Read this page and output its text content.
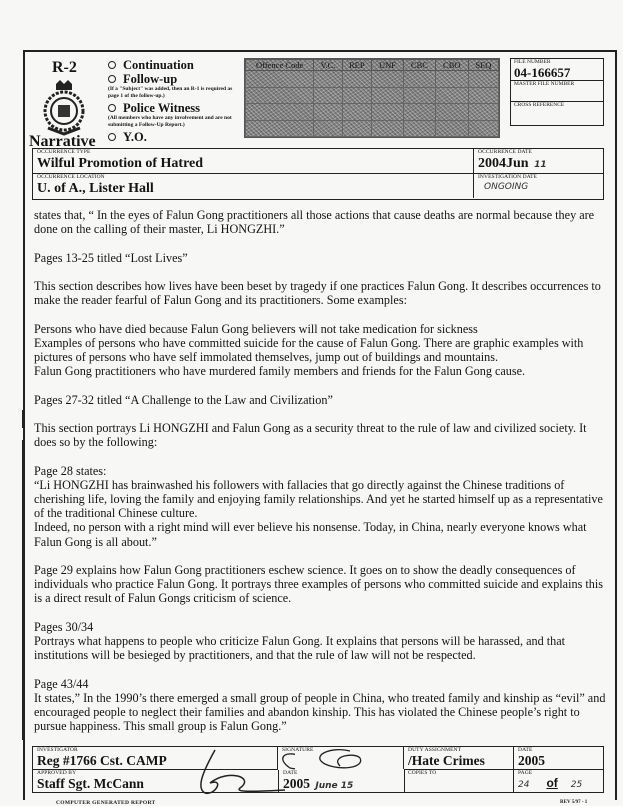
R-2
Narrative
Continuation
Follow-up
(If a "Subject" was added, then an R-1 is required as page 1 of the follow-up.)
Police Witness
(All members who have any involvement and are not submitting a Follow-Up Report.)
Y.O.
Offence Code	V.C.	REP	UNF	CBC	CBO	SEQ

							FILE NUMBER
04-166657
MASTER FILE NUMBER
CROSS REFERENCE
OCCURRENCE TYPE
Wilful Promotion of Hatred
OCCURRENCE DATE
2004Jun 11
OCCURRENCE LOCATION
U. of A., Lister Hall
INVESTIGATION DATE
ONGOING

states that, “ In the eyes of Falun Gong practitioners all those actions that cause deaths are normal because they are done on the calling of their master, Li HONGZHI.”

Pages 13-25 titled “Lost Lives”

This section describes how lives have been beset by tragedy if one practices Falun Gong. It describes occurrences to make the reader fearful of Falun Gong and its practitioners. Some examples:

Persons who have died because Falun Gong believers will not take medication for sickness
Examples of persons who have committed suicide for the cause of Falun Gong. There are graphic examples with pictures of persons who have self immolated themselves, jump out of buildings and mountains.

Falun Gong practitioners who have murdered family members and friends for the Falun Gong cause.

Pages 27-32 titled “A Challenge to the Law and Civilization”

This section portrays Li HONGZHI and Falun Gong as a security threat to the rule of law and civilized society. It does so by the following:

Page 28 states:
“Li HONGZHI has brainwashed his followers with fallacies that go directly against the Chinese traditions of cherishing life, loving the family and enjoying family relationships. And yet he started himself up as a representative of the traditional Chinese culture.

Indeed, no person with a right mind will ever believe his nonsense. Today, in China, nearly everyone knows what Falun Gong is all about.”

Page 29 explains how Falun Gong practitioners eschew science. It goes on to show the deadly consequences of individuals who practice Falun Gong. It portrays three examples of persons who committed suicide and explains this is a direct result of Falun Gongs criticism of science.

Pages 30/34

Portrays what happens to people who criticize Falun Gong. It explains that persons will be harassed, and that institutions will be besieged by practitioners, and that the rule of law will not be respected.

Page 43/44
It states,” In the 1990’s there emerged a small group of people in China, who treated family and kinship as “evil” and encouraged people to neglect their families and abandon kinship. This has violated the Chinese people’s right to pursue happiness. This small group is Falun Gong.”
INVESTIGATOR
Reg #1766 Cst. CAMP
SIGNATURE	DUTY ASSIGNMENT
/Hate Crimes
DATE
2005
APPROVED BY
Staff Sgt. McCann
DATE
2005 June 15
COPIES TO	PAGE
24 of 25
COMPUTER GENERATED REPORT	REV 5/97 - 1
